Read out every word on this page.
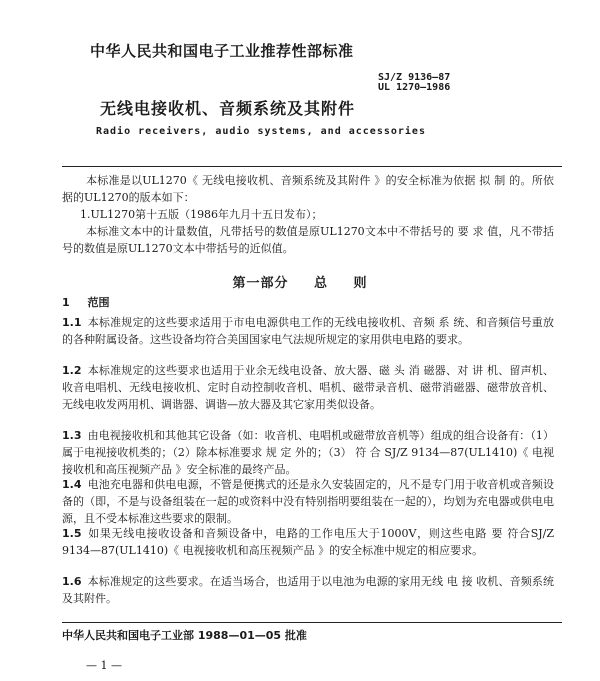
中华人民共和国电子工业推荐性部标准
SJ/Z 9136—87
UL 1270—1986
无线电接收机、音频系统及其附件
Radio receivers, audio systems, and accessories
本标准是以UL1270《 无线电接收机、音频系统及其附件 》的安全标准为依据 拟 制 的。所依据的UL1270的版本如下：
1.UL1270第十五版（1986年九月十五日发布）；
本标准文本中的计量数值，凡带括号的数值是原UL1270文本中不带括号的 要 求 值，凡不带括号的数值是原UL1270文本中带括号的近似值。
第一部分 总 则
1 范围
1.1 本标准规定的这些要求适用于市电电源供电工作的无线电接收机、音频 系 统、和音频信号重放的各种附属设备。这些设备均符合美国国家电气法规所规定的家用供电电路的要求。
1.2 本标准规定的这些要求也适用于业余无线电设备、放大器、磁 头 消 磁器、对 讲 机、留声机、收音电唱机、无线电接收机、定时自动控制收音机、唱机、磁带录音机、磁带消磁器、磁带放音机、无线电收发两用机、调谐器、调谐—放大器及其它家用类似设备。
1.3 由电视接收机和其他其它设备（如：收音机、电唱机或磁带放音机等）组成的组合设备有：（1）属于电视接收机类的；（2）除本标准要求 规 定 外的；（3） 符 合 SJ/Z 9134—87(UL1410)《 电视接收机和高压视频产品 》安全标准的最终产品。
1.4 电池充电器和供电电源，不管是便携式的还是永久安装固定的，凡不是专门用于收音机或音频设备的（即，不是与设备组装在一起的或资料中没有特别指明要组装在一起的），均划为充电器或供电电源，且不受本标准这些要求的限制。
1.5 如果无线电接收设备和音频设备中，电路的工作电压大于1000V，则这些电路 要 符合SJ/Z 9134—87(UL1410)《 电视接收机和高压视频产品 》的安全标准中规定的相应要求。
1.6 本标准规定的这些要求。在适当场合，也适用于以电池为电源的家用无线 电 接 收机、音频系统及其附件。
中华人民共和国电子工业部 1988—01—05 批准
— 1 —
